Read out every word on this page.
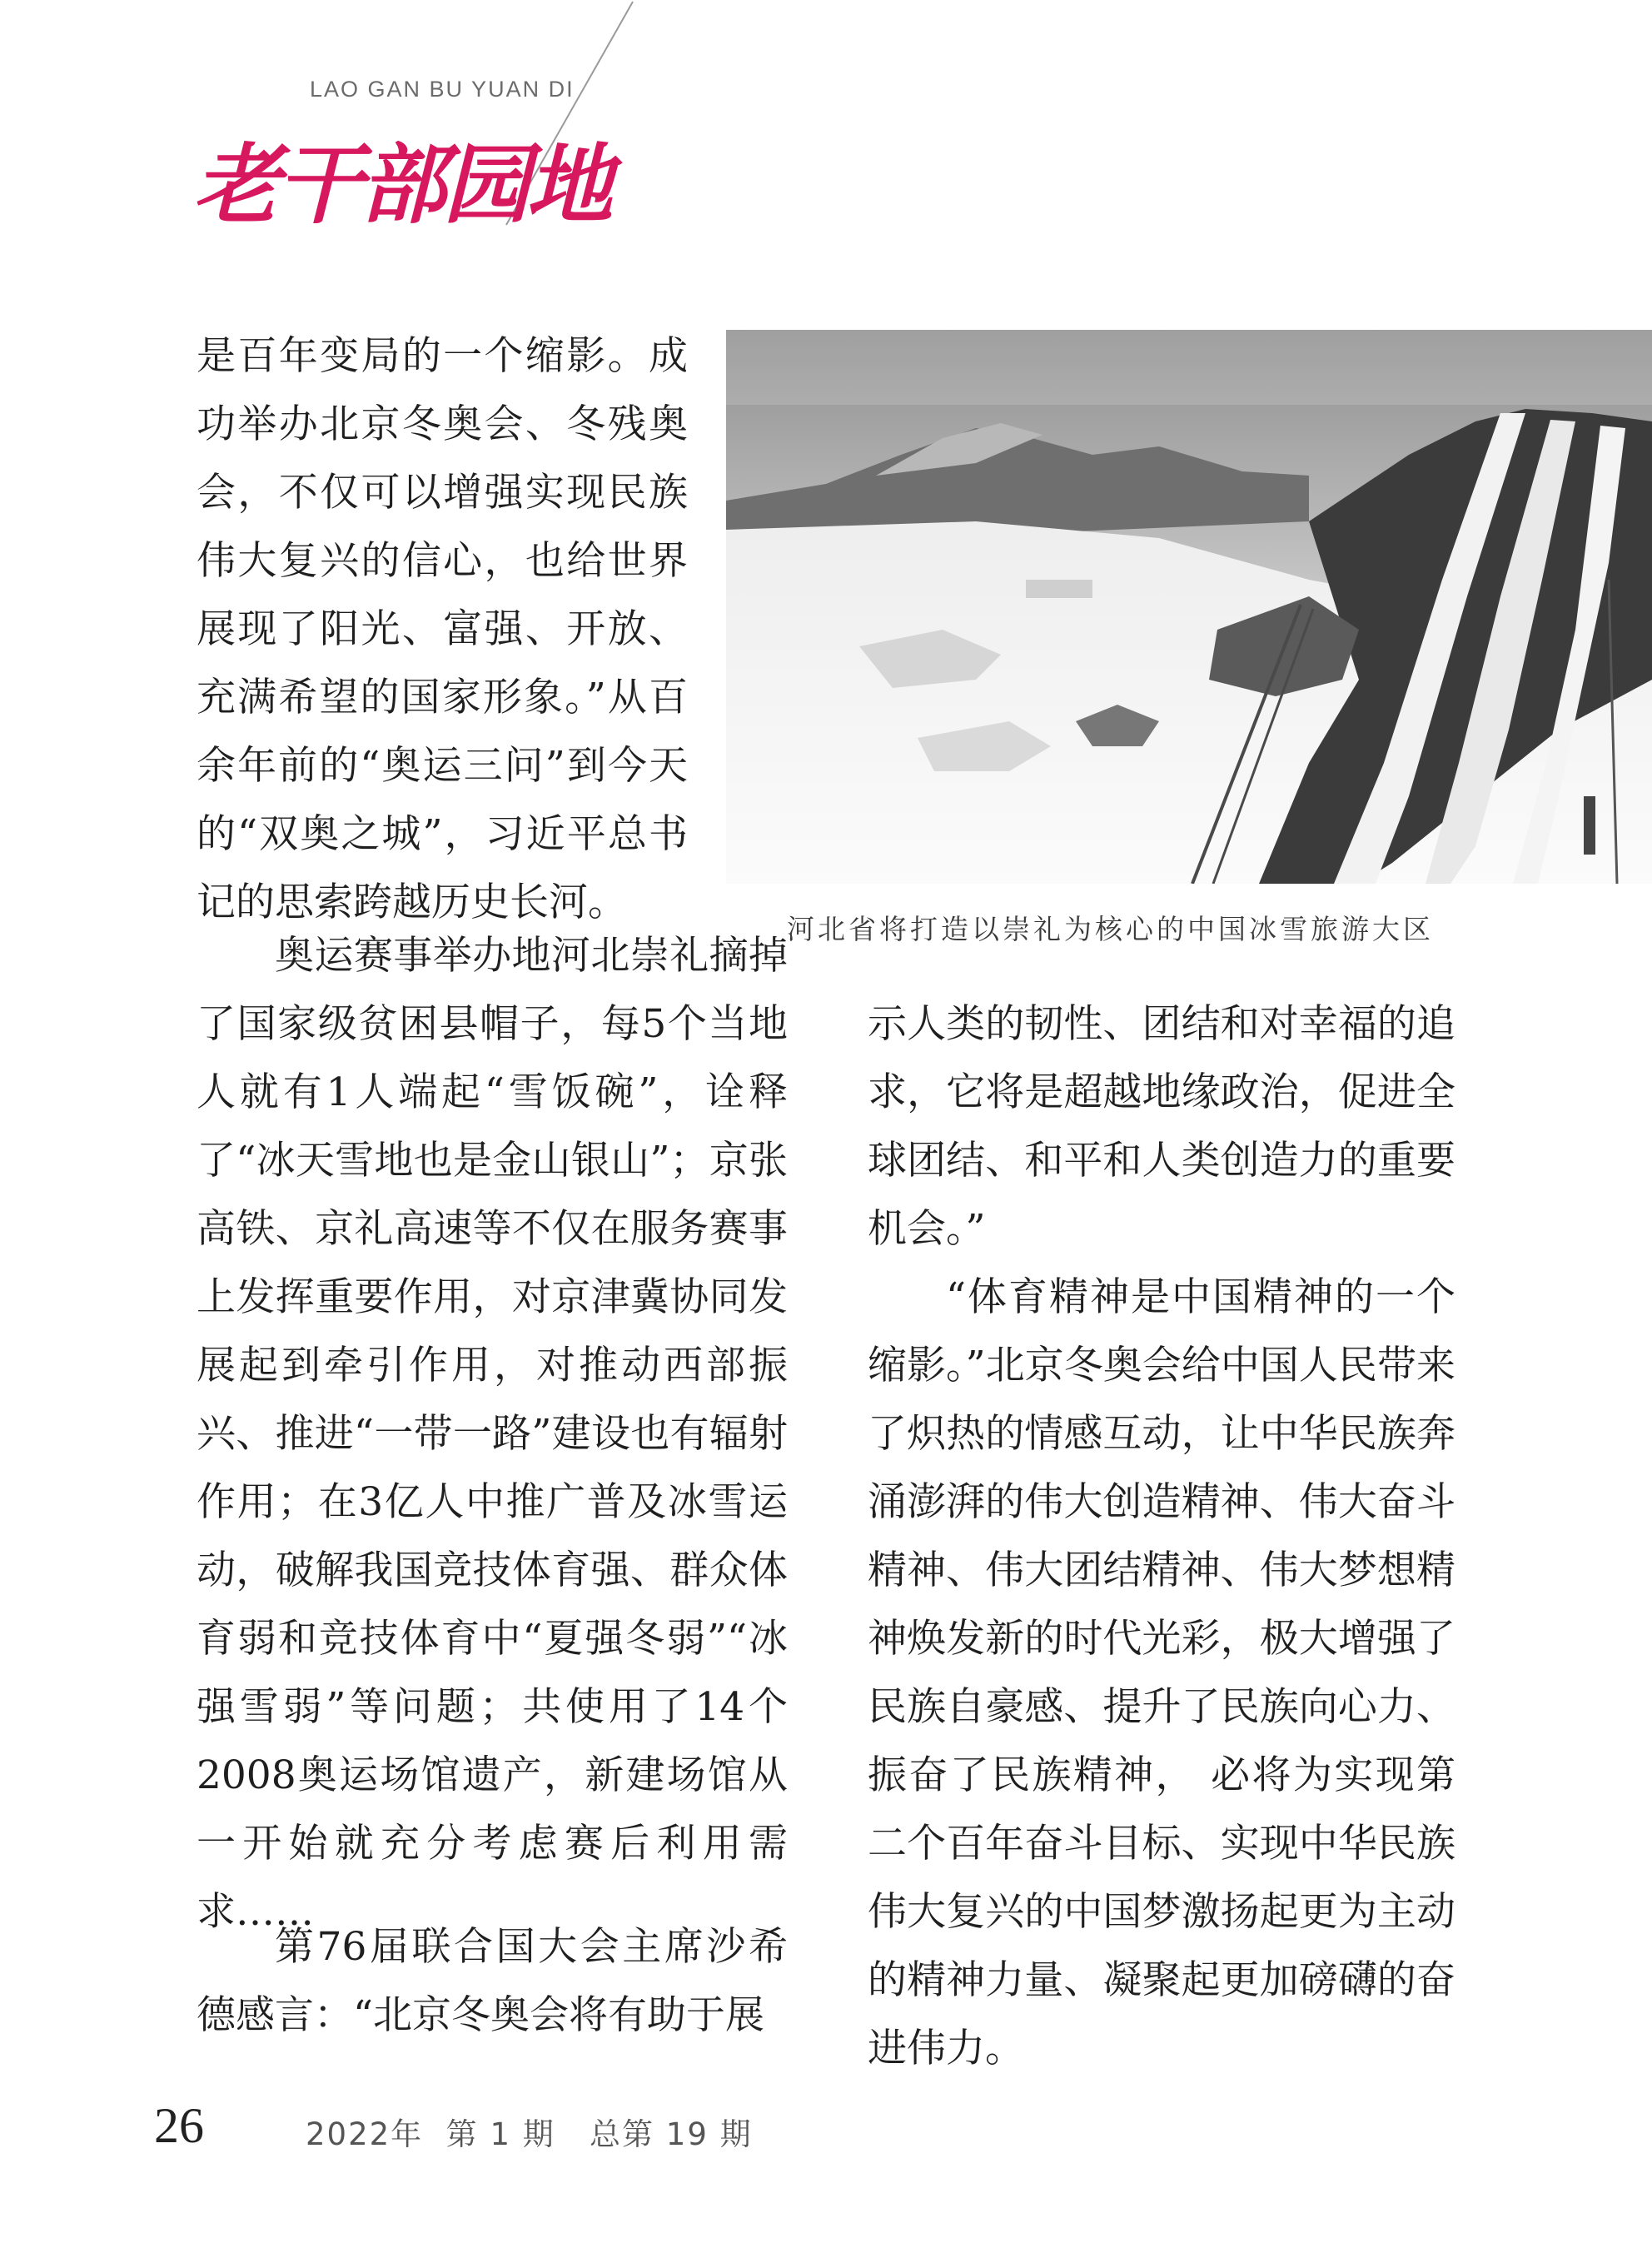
LAO GAN BU YUAN DI
老干部园地

是百年变局的一个缩影。成功举办北京冬奥会、冬残奥会，不仅可以增强实现民族伟大复兴的信心，也给世界展现了阳光、富强、开放、充满希望的国家形象。”从百余年前的“奥运三问”到今天的“双奥之城”，习近平总书记的思索跨越历史长河。

奥运赛事举办地河北崇礼摘掉了国家级贫困县帽子，每5个当地人就有1人端起“雪饭碗”，诠释了“冰天雪地也是金山银山”；京张高铁、京礼高速等不仅在服务赛事上发挥重要作用，对京津冀协同发展起到牵引作用，对推动西部振兴、推进“一带一路”建设也有辐射作用；在3亿人中推广普及冰雪运动，破解我国竞技体育强、群众体育弱和竞技体育中“夏强冬弱”“冰强雪弱”等问题；共使用了14个2008奥运场馆遗产，新建场馆从一开始就充分考虑赛后利用需求……

第76届联合国大会主席沙希德感言：“北京冬奥会将有助于展

河北省将打造以崇礼为核心的中国冰雪旅游大区

示人类的韧性、团结和对幸福的追求，它将是超越地缘政治，促进全球团结、和平和人类创造力的重要机会。”

“体育精神是中国精神的一个缩影。”北京冬奥会给中国人民带来了炽热的情感互动，让中华民族奔涌澎湃的伟大创造精神、伟大奋斗精神、伟大团结精神、伟大梦想精神焕发新的时代光彩，极大增强了民族自豪感、提升了民族向心力、振奋了民族精神， 必将为实现第二个百年奋斗目标、实现中华民族伟大复兴的中国梦激扬起更为主动的精神力量、凝聚起更加磅礴的奋进伟力。

26	2022年  第 1 期   总第 19 期
